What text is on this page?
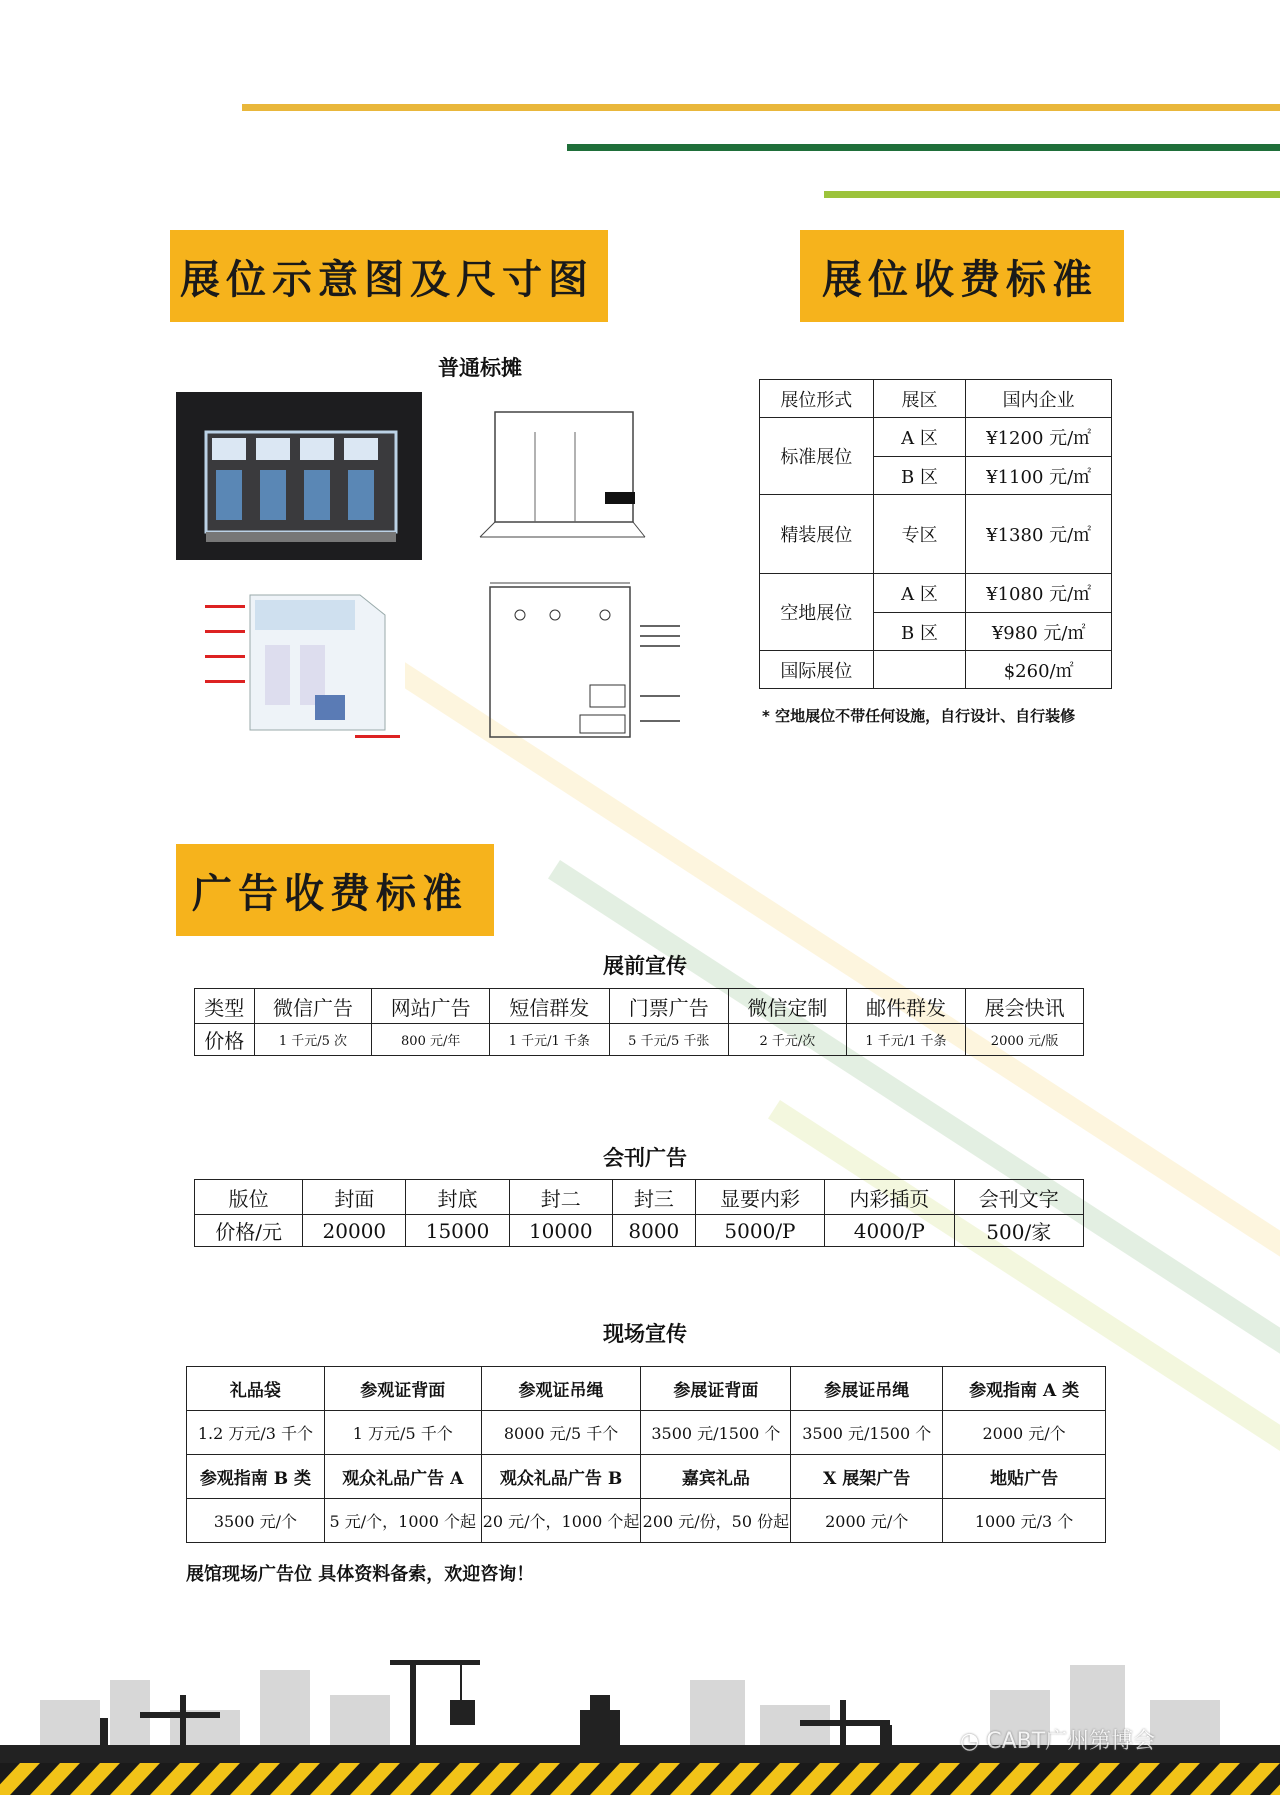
展位示意图及尺寸图
普通标摊
展位收费标准
展位形式	展区	国内企业
标准展位	A 区	¥1200 元/㎡
	B 区	¥1100 元/㎡
精装展位	专区	¥1380 元/㎡
空地展位	A 区	¥1080 元/㎡
	B 区	¥980 元/㎡
国际展位		$260/㎡
* 空地展位不带任何设施，自行设计、自行装修
广告收费标准
展前宣传
类型	微信广告	网站广告	短信群发	门票广告	微信定制	邮件群发	展会快讯
价格	1 千元/5 次	800 元/年	1 千元/1 千条	5 千元/5 千张	2 千元/次	1 千元/1 千条	2000 元/版
会刊广告
版位	封面	封底	封二	封三	显要内彩	内彩插页	会刊文字
价格/元	20000	15000	10000	8000	5000/P	4000/P	500/家
现场宣传
礼品袋	参观证背面	参观证吊绳	参展证背面	参展证吊绳	参观指南 A 类
1.2 万元/3 千个	1 万元/5 千个	8000 元/5 千个	3500 元/1500 个	3500 元/1500 个	2000 元/个
参观指南 B 类	观众礼品广告 A	观众礼品广告 B	嘉宾礼品	X 展架广告	地贴广告
3500 元/个	5 元/个，1000 个起	20 元/个，1000 个起	200 元/份，50 份起	2000 元/个	1000 元/3 个
展馆现场广告位 具体资料备索，欢迎咨询！
◔ CABT广州第博会
